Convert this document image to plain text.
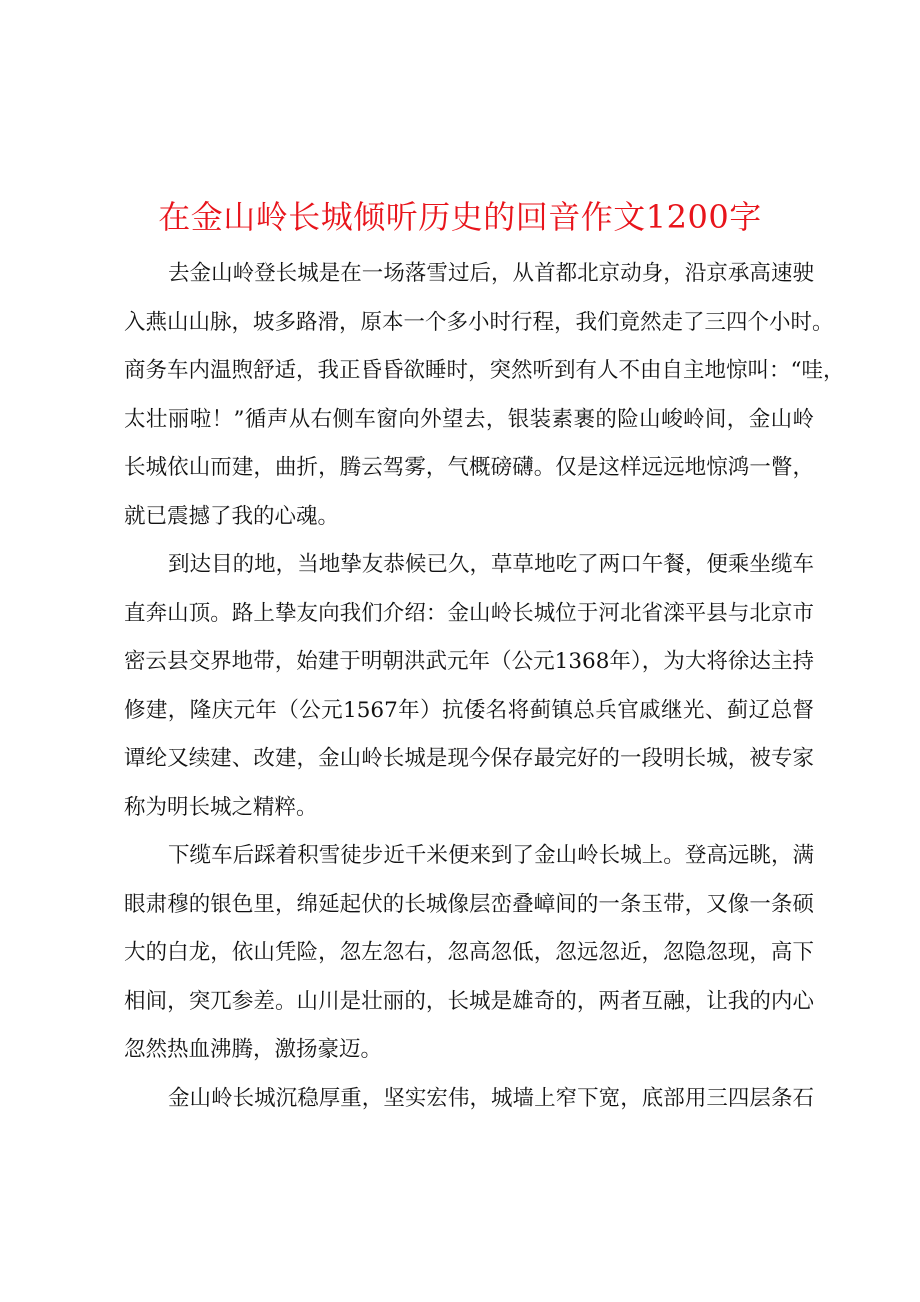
在金山岭长城倾听历史的回音作文1200字
去金山岭登长城是在一场落雪过后，从首都北京动身，沿京承高速驶
入燕山山脉，坡多路滑，原本一个多小时行程，我们竟然走了三四个小时。
商务车内温煦舒适，我正昏昏欲睡时，突然听到有人不由自主地惊叫：“哇，
太壮丽啦！”循声从右侧车窗向外望去，银装素裹的险山峻岭间，金山岭
长城依山而建，曲折，腾云驾雾，气概磅礴。仅是这样远远地惊鸿一瞥，
就已震撼了我的心魂。
到达目的地，当地挚友恭候已久，草草地吃了两口午餐，便乘坐缆车
直奔山顶。路上挚友向我们介绍：金山岭长城位于河北省滦平县与北京市
密云县交界地带，始建于明朝洪武元年（公元1368年），为大将徐达主持
修建，隆庆元年（公元1567年）抗倭名将蓟镇总兵官戚继光、蓟辽总督
谭纶又续建、改建，金山岭长城是现今保存最完好的一段明长城，被专家
称为明长城之精粹。
下缆车后踩着积雪徒步近千米便来到了金山岭长城上。登高远眺，满
眼肃穆的银色里，绵延起伏的长城像层峦叠嶂间的一条玉带，又像一条硕
大的白龙，依山凭险，忽左忽右，忽高忽低，忽远忽近，忽隐忽现，高下
相间，突兀参差。山川是壮丽的，长城是雄奇的，两者互融，让我的内心
忽然热血沸腾，激扬豪迈。
金山岭长城沉稳厚重，坚实宏伟，城墙上窄下宽，底部用三四层条石
